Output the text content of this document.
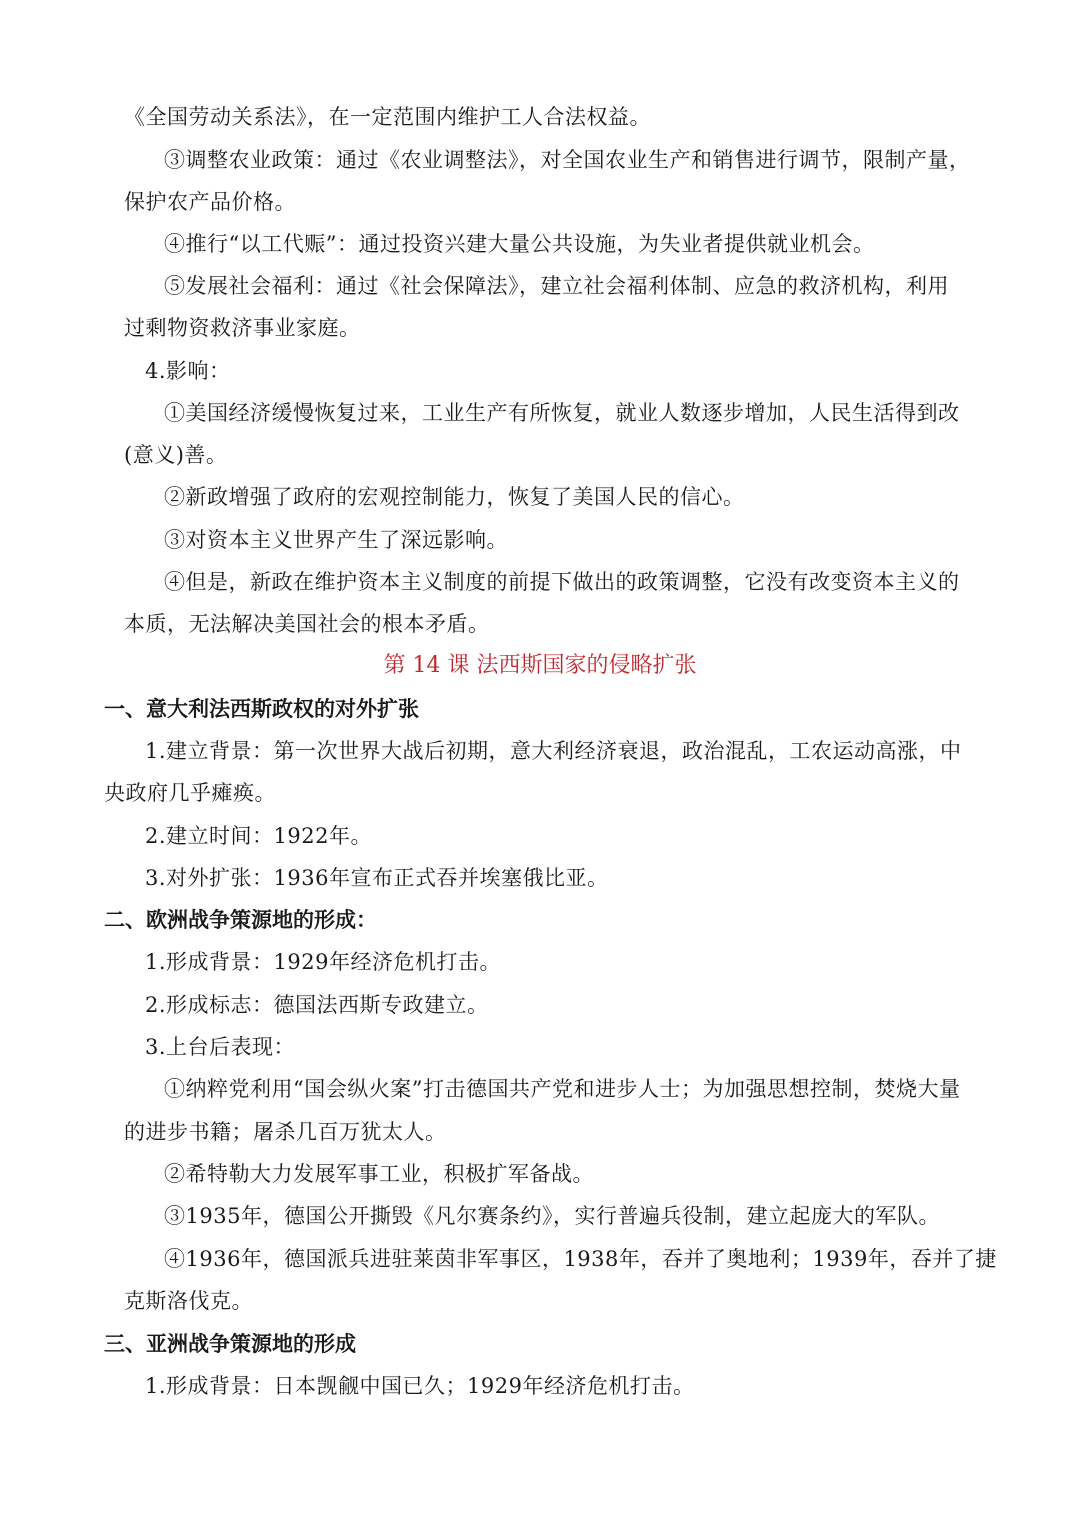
《全国劳动关系法》，在一定范围内维护工人合法权益。
③调整农业政策：通过《农业调整法》，对全国农业生产和销售进行调节，限制产量，
保护农产品价格。
④推行“以工代赈”：通过投资兴建大量公共设施，为失业者提供就业机会。
⑤发展社会福利：通过《社会保障法》，建立社会福利体制、应急的救济机构，利用
过剩物资救济事业家庭。
4.影响：
①美国经济缓慢恢复过来，工业生产有所恢复，就业人数逐步增加，人民生活得到改
(意义)善。
②新政增强了政府的宏观控制能力，恢复了美国人民的信心。
③对资本主义世界产生了深远影响。
④但是，新政在维护资本主义制度的前提下做出的政策调整，它没有改变资本主义的
本质，无法解决美国社会的根本矛盾。
第 14 课 法西斯国家的侵略扩张
一、意大利法西斯政权的对外扩张
1.建立背景：第一次世界大战后初期，意大利经济衰退，政治混乱，工农运动高涨，中
央政府几乎瘫痪。
2.建立时间：1922年。
3.对外扩张：1936年宣布正式吞并埃塞俄比亚。
二、欧洲战争策源地的形成：
1.形成背景：1929年经济危机打击。
2.形成标志：德国法西斯专政建立。
3.上台后表现：
①纳粹党利用“国会纵火案”打击德国共产党和进步人士；为加强思想控制，焚烧大量
的进步书籍；屠杀几百万犹太人。
②希特勒大力发展军事工业，积极扩军备战。
③1935年，德国公开撕毁《凡尔赛条约》，实行普遍兵役制，建立起庞大的军队。
④1936年，德国派兵进驻莱茵非军事区，1938年，吞并了奥地利；1939年，吞并了捷
克斯洛伐克。
三、亚洲战争策源地的形成
1.形成背景：日本觊觎中国已久；1929年经济危机打击。
